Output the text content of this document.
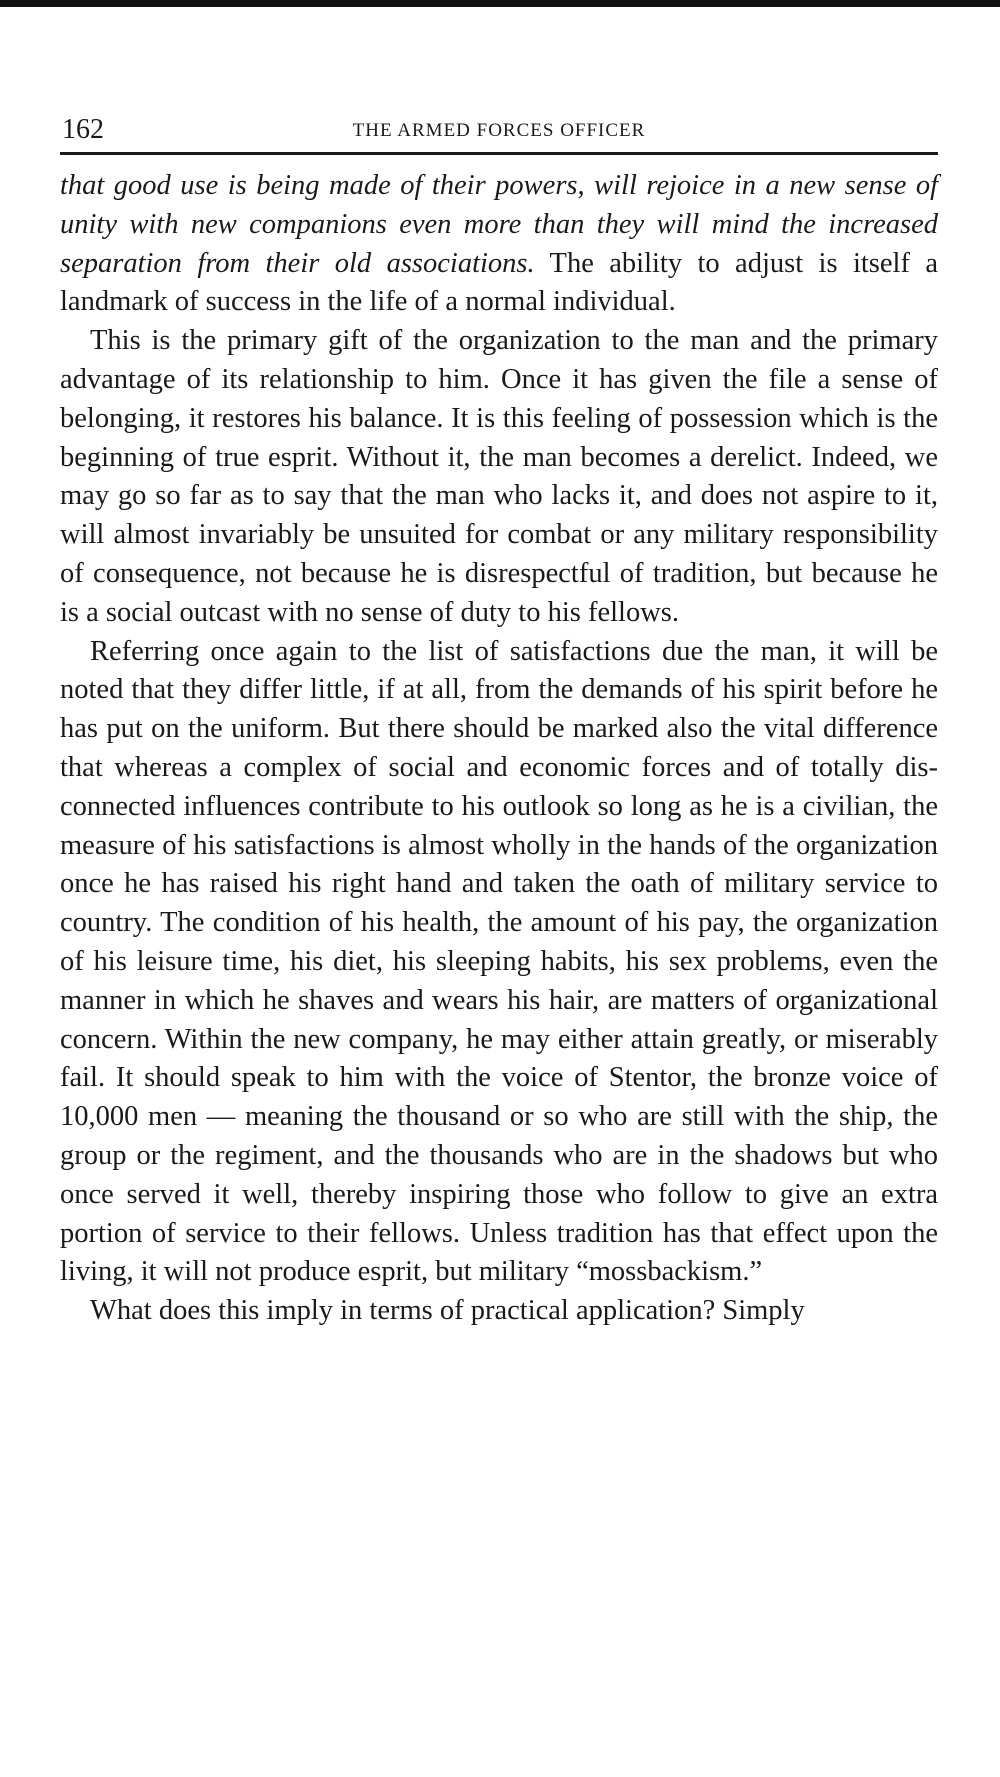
162	THE ARMED FORCES OFFICER

that good use is being made of their powers, will rejoice in a new sense of unity with new companions even more than they will mind the increased separation from their old associations. The ability to adjust is itself a landmark of success in the life of a normal individual.

This is the primary gift of the organization to the man and the primary advantage of its relationship to him. Once it has given the file a sense of belonging, it restores his balance. It is this feeling of possession which is the beginning of true esprit. Without it, the man becomes a derelict. Indeed, we may go so far as to say that the man who lacks it, and does not aspire to it, will almost invariably be unsuited for combat or any military responsibility of consequence, not because he is disrespectful of tradition, but because he is a social outcast with no sense of duty to his fellows.

Referring once again to the list of satisfactions due the man, it will be noted that they differ little, if at all, from the demands of his spirit before he has put on the uniform. But there should be marked also the vital difference that whereas a complex of social and economic forces and of totally disconnected influences contribute to his outlook so long as he is a civilian, the measure of his satisfactions is almost wholly in the hands of the organization once he has raised his right hand and taken the oath of military service to country. The condition of his health, the amount of his pay, the organization of his leisure time, his diet, his sleeping habits, his sex problems, even the manner in which he shaves and wears his hair, are matters of organizational concern. Within the new company, he may either attain greatly, or miserably fail. It should speak to him with the voice of Stentor, the bronze voice of 10,000 men — meaning the thousand or so who are still with the ship, the group or the regiment, and the thousands who are in the shadows but who once served it well, thereby inspiring those who follow to give an extra portion of service to their fellows. Unless tradition has that effect upon the living, it will not produce esprit, but military “mossbackism.”

What does this imply in terms of practical application? Simply
